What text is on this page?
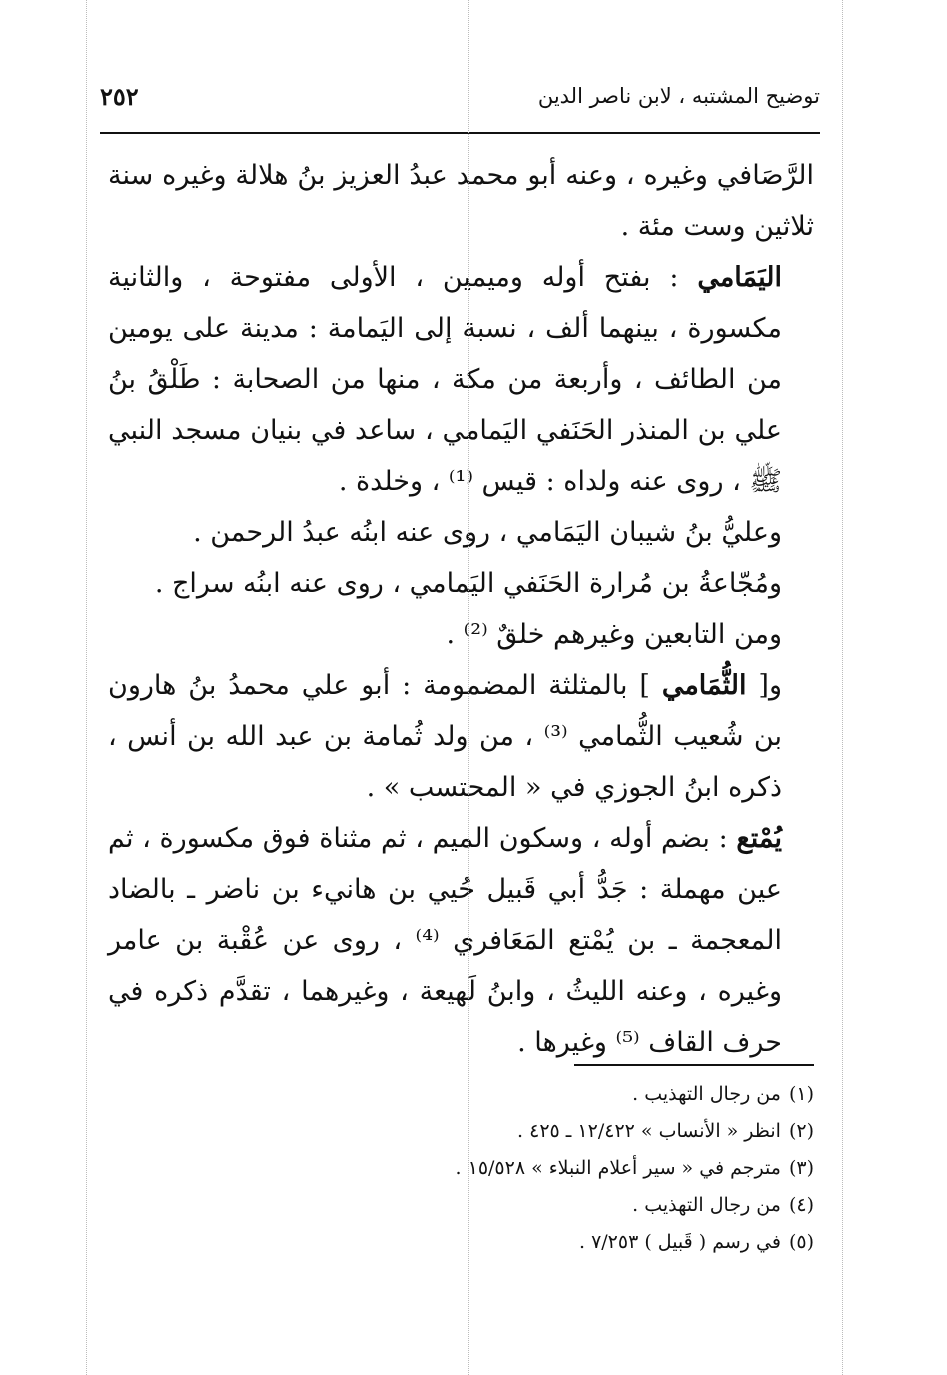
توضيح المشتبه ، لابن ناصر الدين
٢٥٢

الرَّصَافي وغيره ، وعنه أبو محمد عبدُ العزيز بنُ هلالة وغيره سنة ثلاثين وست مئة .

اليَمَامي : بفتح أوله وميمين ، الأولى مفتوحة ، والثانية مكسورة ، بينهما ألف ، نسبة إلى اليَمامة : مدينة على يومين من الطائف ، وأربعة من مكة ، منها من الصحابة : طَلْقُ بنُ علي بن المنذر الحَنَفي اليَمامي ، ساعد في بنيان مسجد النبي ﷺ ، روى عنه ولداه : قيس ⁽¹⁾ ، وخلدة .

وعليُّ بنُ شيبان اليَمَامي ، روى عنه ابنُه عبدُ الرحمن .

ومُجّاعةُ بن مُرارة الحَنَفي اليَمامي ، روى عنه ابنُه سراج .

ومن التابعين وغيرهم خلقٌ ⁽²⁾ .

و[ الثُّمَامي ] بالمثلثة المضمومة : أبو علي محمدُ بنُ هارون بن شُعيب الثُّمامي ⁽³⁾ ، من ولد ثُمامة بن عبد الله بن أنس ، ذكره ابنُ الجوزي في « المحتسب » .

يُمْتع : بضم أوله ، وسكون الميم ، ثم مثناة فوق مكسورة ، ثم عين مهملة : جَدُّ أبي قَبيل حُيي بن هانيء بن ناضر ـ بالضاد المعجمة ـ بن يُمْتع المَعَافري ⁽⁴⁾ ، روى عن عُقْبة بن عامر وغيره ، وعنه الليثُ ، وابنُ لَهيعة ، وغيرهما ، تقدَّم ذكره في حرف القاف ⁽⁵⁾ وغيرها .

(١)من رجال التهذيب .
(٢)انظر « الأنساب » ١٢/٤٢٢ ـ ٤٢٥ .
(٣)مترجم في « سير أعلام النبلاء » ١٥/٥٢٨ .
(٤)من رجال التهذيب .
(٥)في رسم ( قَبيل ) ٧/٢٥٣ .
